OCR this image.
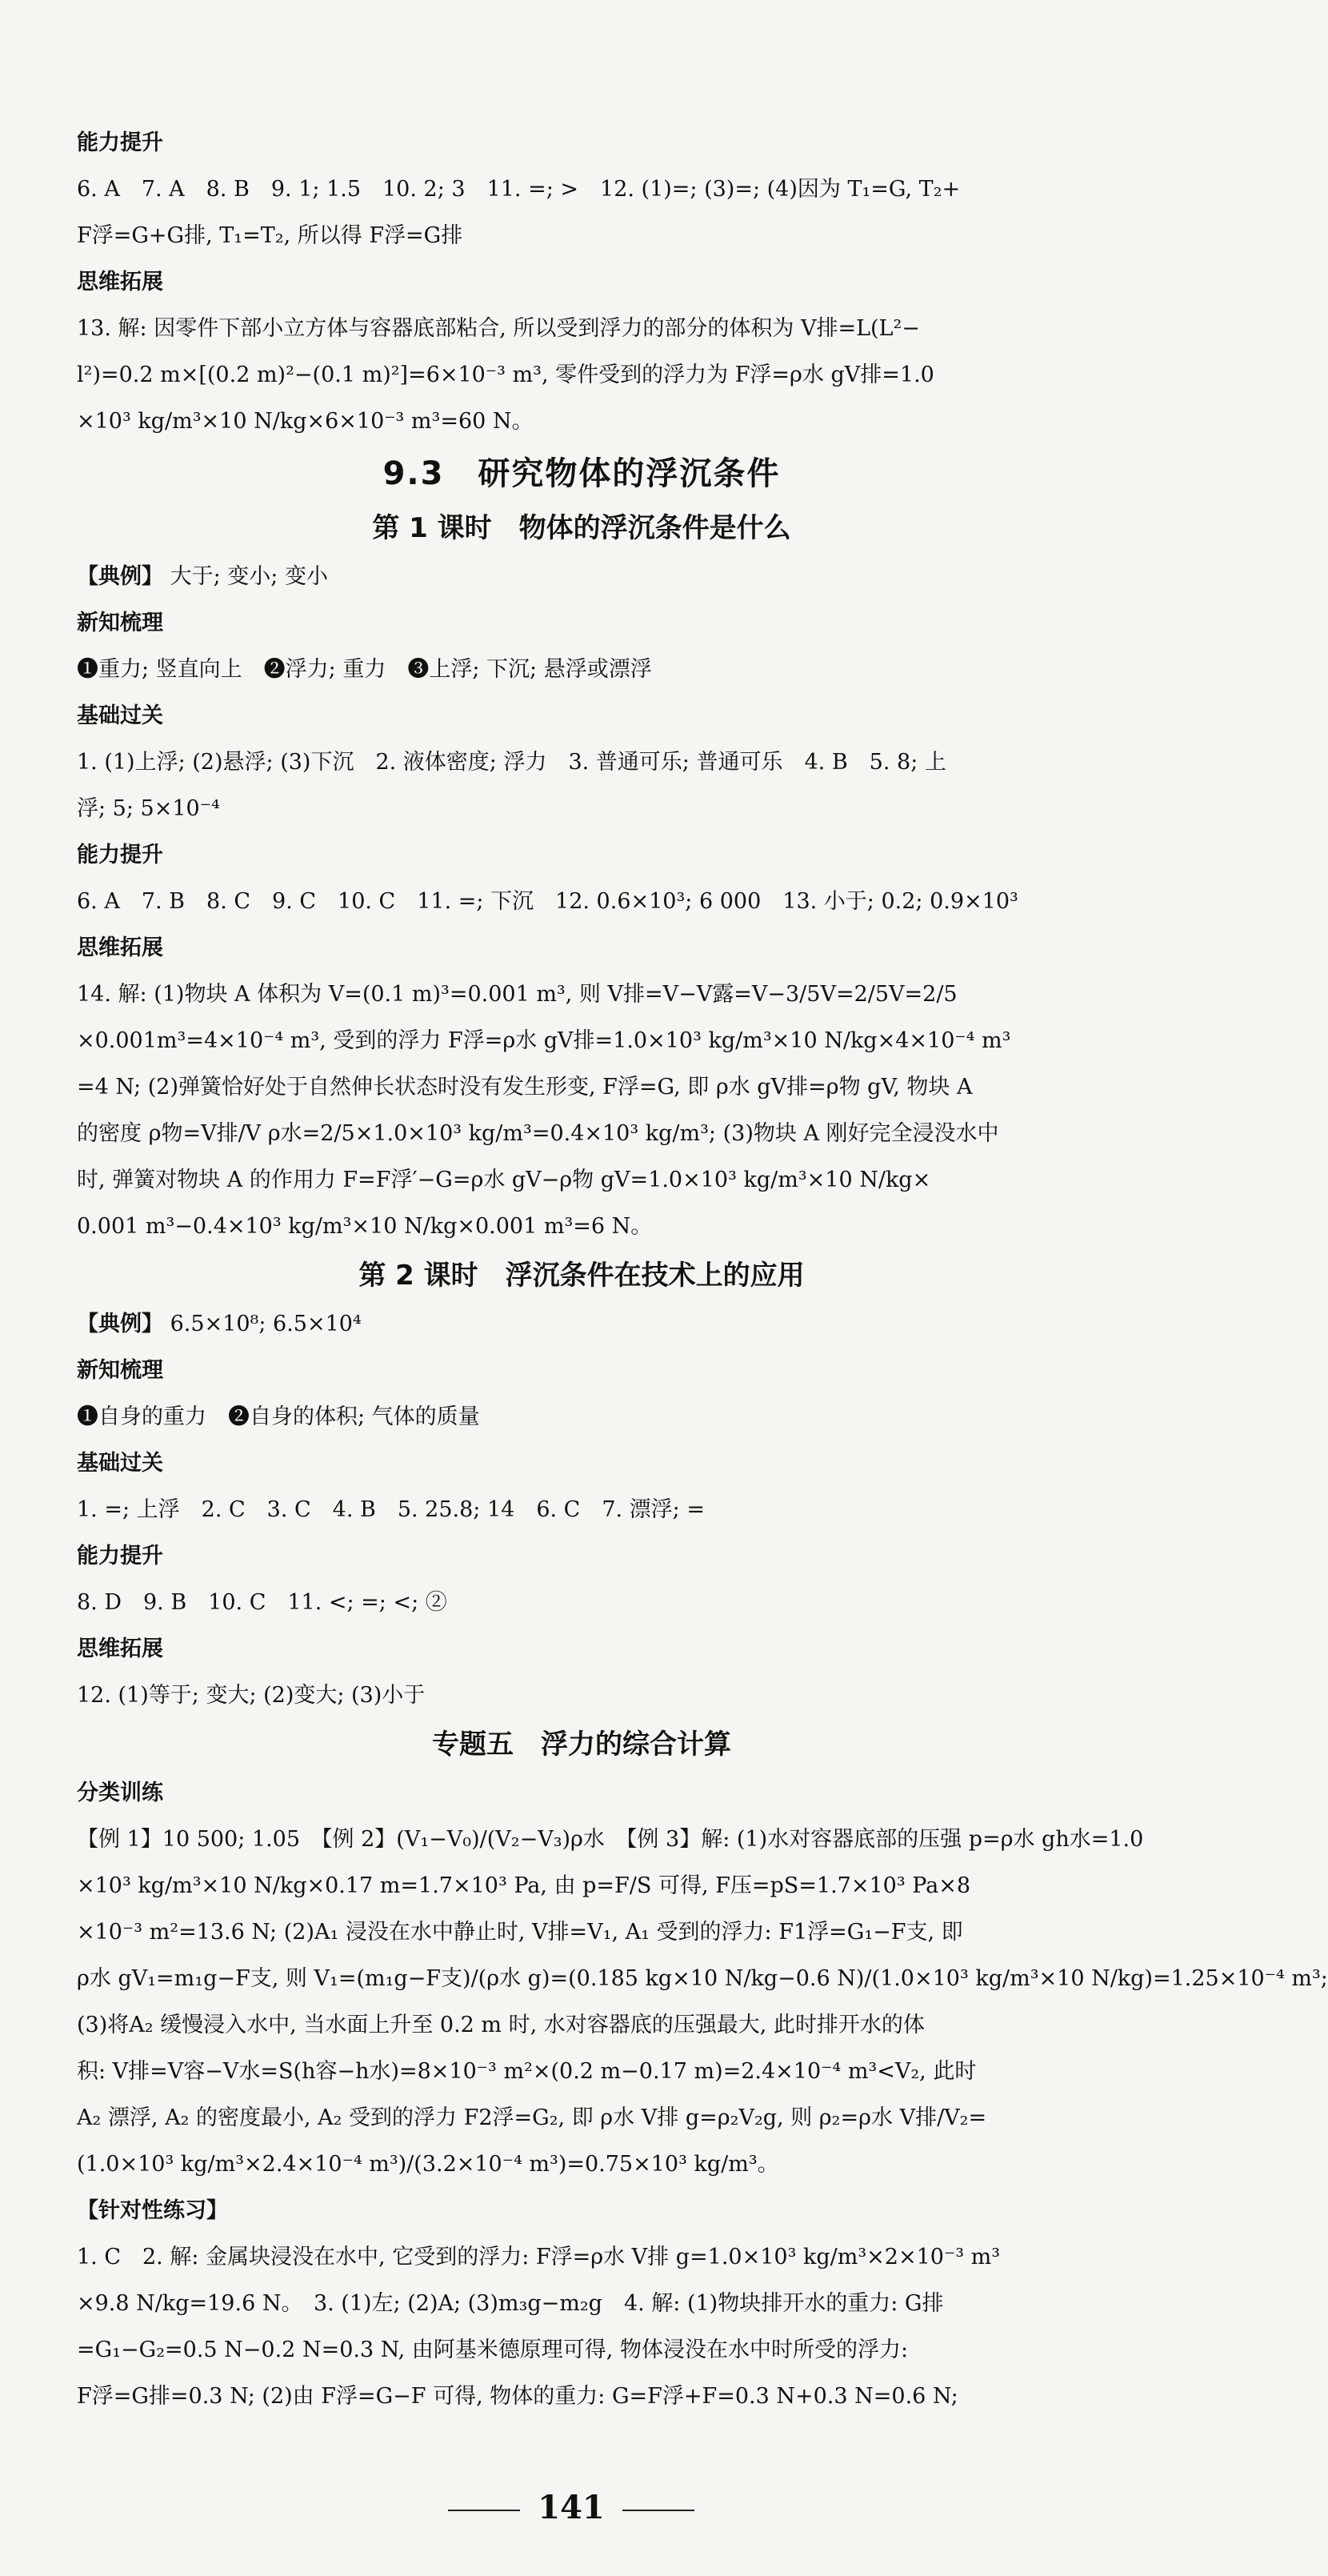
能力提升
6. A　7. A　8. B　9. 1; 1.5　10. 2; 3　11. =; >　12. (1)=; (3)=; (4)因为 T₁=G, T₂+
F浮=G+G排, T₁=T₂, 所以得 F浮=G排
思维拓展
13. 解: 因零件下部小立方体与容器底部粘合, 所以受到浮力的部分的体积为 V排=L(L²−
l²)=0.2 m×[(0.2 m)²−(0.1 m)²]=6×10⁻³ m³, 零件受到的浮力为 F浮=ρ水 gV排=1.0
×10³ kg/m³×10 N/kg×6×10⁻³ m³=60 N。
9.3　研究物体的浮沉条件
第 1 课时　物体的浮沉条件是什么
【典例】 大于; 变小; 变小
新知梳理
❶重力; 竖直向上　❷浮力; 重力　❸上浮; 下沉; 悬浮或漂浮
基础过关
1. (1)上浮; (2)悬浮; (3)下沉　2. 液体密度; 浮力　3. 普通可乐; 普通可乐　4. B　5. 8; 上
浮; 5; 5×10⁻⁴
能力提升
6. A　7. B　8. C　9. C　10. C　11. =; 下沉　12. 0.6×10³; 6 000　13. 小于; 0.2; 0.9×10³
思维拓展
14. 解: (1)物块 A 体积为 V=(0.1 m)³=0.001 m³, 则 V排=V−V露=V−3/5V=2/5V=2/5
×0.001m³=4×10⁻⁴ m³, 受到的浮力 F浮=ρ水 gV排=1.0×10³ kg/m³×10 N/kg×4×10⁻⁴ m³
=4 N; (2)弹簧恰好处于自然伸长状态时没有发生形变, F浮=G, 即 ρ水 gV排=ρ物 gV, 物块 A
的密度 ρ物=V排/V ρ水=2/5×1.0×10³ kg/m³=0.4×10³ kg/m³; (3)物块 A 刚好完全浸没水中
时, 弹簧对物块 A 的作用力 F=F浮′−G=ρ水 gV−ρ物 gV=1.0×10³ kg/m³×10 N/kg×
0.001 m³−0.4×10³ kg/m³×10 N/kg×0.001 m³=6 N。
第 2 课时　浮沉条件在技术上的应用
【典例】 6.5×10⁸; 6.5×10⁴
新知梳理
❶自身的重力　❷自身的体积; 气体的质量
基础过关
1. =; 上浮　2. C　3. C　4. B　5. 25.8; 14　6. C　7. 漂浮; =
能力提升
8. D　9. B　10. C　11. <; =; <; ②
思维拓展
12. (1)等于; 变大; (2)变大; (3)小于
专题五　浮力的综合计算
分类训练
【例 1】10 500; 1.05　【例 2】(V₁−V₀)/(V₂−V₃)ρ水　【例 3】解: (1)水对容器底部的压强 p=ρ水 gh水=1.0
×10³ kg/m³×10 N/kg×0.17 m=1.7×10³ Pa, 由 p=F/S 可得, F压=pS=1.7×10³ Pa×8
×10⁻³ m²=13.6 N; (2)A₁ 浸没在水中静止时, V排=V₁, A₁ 受到的浮力: F1浮=G₁−F支, 即
ρ水 gV₁=m₁g−F支, 则 V₁=(m₁g−F支)/(ρ水 g)=(0.185 kg×10 N/kg−0.6 N)/(1.0×10³ kg/m³×10 N/kg)=1.25×10⁻⁴ m³;
(3)将A₂ 缓慢浸入水中, 当水面上升至 0.2 m 时, 水对容器底的压强最大, 此时排开水的体
积: V排=V容−V水=S(h容−h水)=8×10⁻³ m²×(0.2 m−0.17 m)=2.4×10⁻⁴ m³<V₂, 此时
A₂ 漂浮, A₂ 的密度最小, A₂ 受到的浮力 F2浮=G₂, 即 ρ水 V排 g=ρ₂V₂g, 则 ρ₂=ρ水 V排/V₂=
(1.0×10³ kg/m³×2.4×10⁻⁴ m³)/(3.2×10⁻⁴ m³)=0.75×10³ kg/m³。
【针对性练习】
1. C　2. 解: 金属块浸没在水中, 它受到的浮力: F浮=ρ水 V排 g=1.0×10³ kg/m³×2×10⁻³ m³
×9.8 N/kg=19.6 N。　3. (1)左; (2)A; (3)m₃g−m₂g　4. 解: (1)物块排开水的重力: G排
=G₁−G₂=0.5 N−0.2 N=0.3 N, 由阿基米德原理可得, 物体浸没在水中时所受的浮力:
F浮=G排=0.3 N; (2)由 F浮=G−F 可得, 物体的重力: G=F浮+F=0.3 N+0.3 N=0.6 N;
141
